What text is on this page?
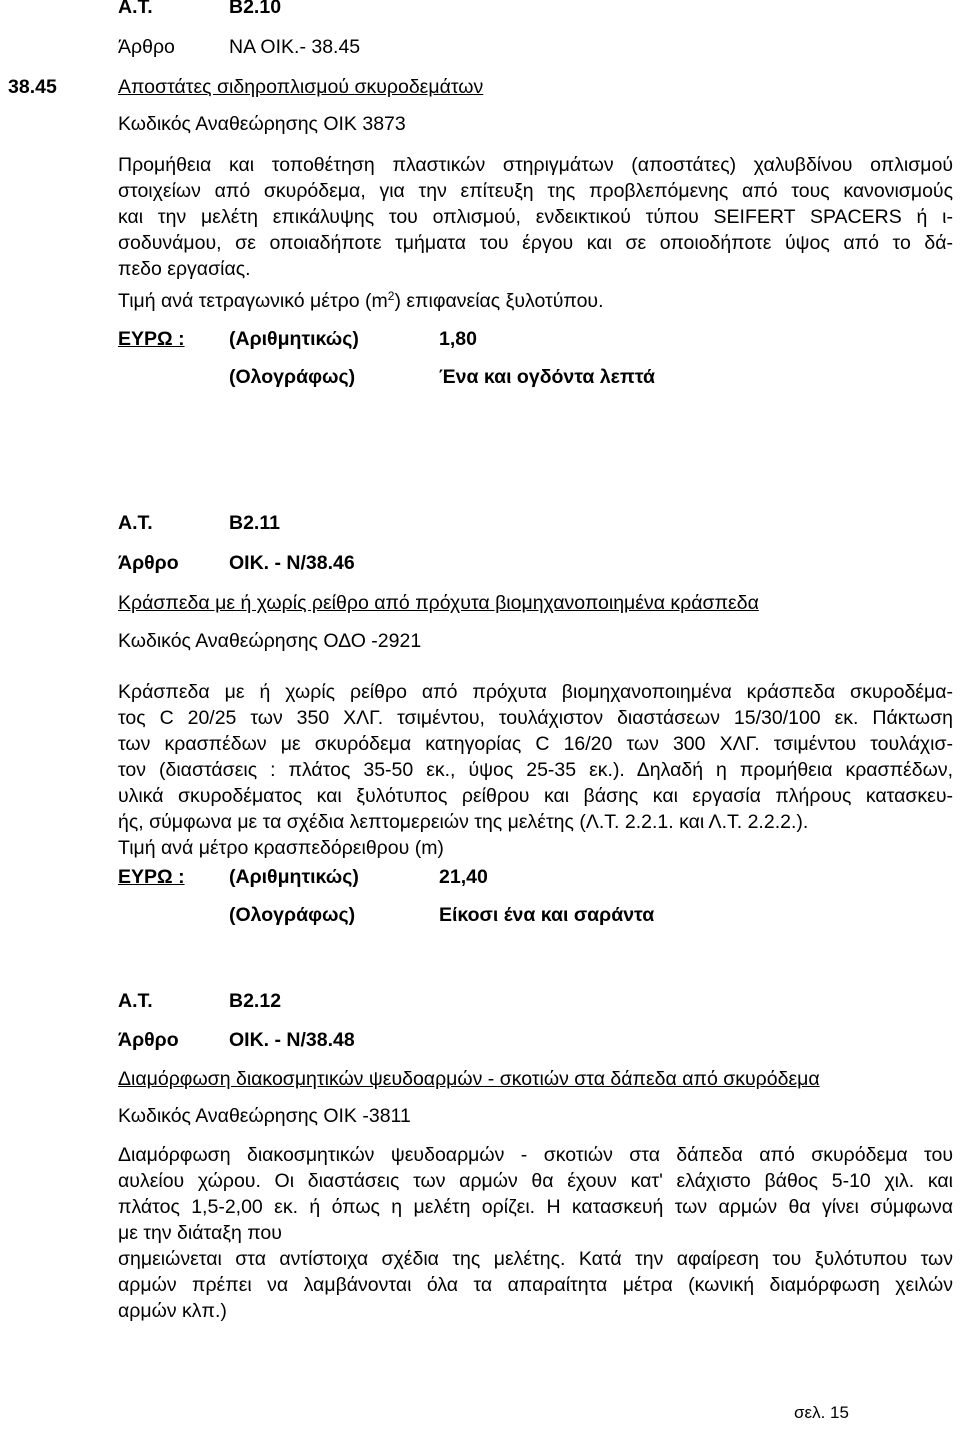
Α.Τ.	Β2.10
Άρθρο	ΝΑ ΟΙΚ.- 38.45
38.45	Αποστάτες σιδηροπλισμού σκυροδεμάτων
Κωδικός Αναθεώρησης ΟΙΚ 3873
Προμήθεια και τοποθέτηση πλαστικών στηριγμάτων (αποστάτες) χαλυβδίνου οπλισμού
στοιχείων από σκυρόδεμα, για την επίτευξη της προβλεπόμενης από τους κανονισμούς
και την μελέτη επικάλυψης του οπλισμού, ενδεικτικού τύπου SEIFERT SPACERS ή ι-
σοδυνάμου, σε οποιαδήποτε τμήματα του έργου και σε οποιοδήποτε ύψος από το δά-
πεδο εργασίας.
Τιμή ανά τετραγωνικό μέτρο $(m^2)$ επιφανείας ξυλοτύπου.
ΕΥΡΩ : (Αριθμητικώς)	1,80
(Ολογράφως)	Ένα και ογδόντα λεπτά
Α.Τ.	Β2.11
Άρθρο	ΟΙΚ. - Ν/38.46
Κράσπεδα με ή χωρίς ρείθρο από πρόχυτα βιομηχανοποιημένα κράσπεδα
Κωδικός Αναθεώρησης ΟΔΟ -2921
Κράσπεδα με ή χωρίς ρείθρο από πρόχυτα βιομηχανοποιημένα κράσπεδα σκυροδέμα-
τος C 20/25 των 350 ΧΛΓ. τσιμέντου, τουλάχιστον διαστάσεων 15/30/100 εκ. Πάκτωση
των κρασπέδων με σκυρόδεμα κατηγορίας C 16/20 των 300 ΧΛΓ. τσιμέντου τουλάχισ-
τον (διαστάσεις : πλάτος 35-50 εκ., ύψος 25-35 εκ.). Δηλαδή η προμήθεια κρασπέδων,
υλικά σκυροδέματος και ξυλότυπος ρείθρου και βάσης και εργασία πλήρους κατασκευ-
ής, σύμφωνα με τα σχέδια λεπτομερειών της μελέτης (Λ.Τ. 2.2.1. και Λ.Τ. 2.2.2.).
Τιμή ανά μέτρο κρασπεδόρειθρου (m)
ΕΥΡΩ : (Αριθμητικώς)	21,40
(Ολογράφως)	Είκοσι ένα και σαράντα
Α.Τ.	Β2.12
Άρθρο	ΟΙΚ. - Ν/38.48
Διαμόρφωση διακοσμητικών ψευδοαρμών - σκοτιών στα δάπεδα από σκυρόδεμα
Κωδικός Αναθεώρησης ΟΙΚ -3811
Διαμόρφωση διακοσμητικών ψευδοαρμών - σκοτιών στα δάπεδα από σκυρόδεμα του
αυλείου χώρου. Οι διαστάσεις των αρμών θα έχουν κατ' ελάχιστο βάθος 5-10 χιλ. και
πλάτος 1,5-2,00 εκ. ή όπως η μελέτη ορίζει. Η κατασκευή των αρμών θα γίνει σύμφωνα
με την διάταξη που
σημειώνεται στα αντίστοιχα σχέδια της μελέτης. Κατά την αφαίρεση του ξυλότυπου των
αρμών πρέπει να λαμβάνονται όλα τα απαραίτητα μέτρα (κωνική διαμόρφωση χειλών
αρμών κλπ.)
σελ. 15
